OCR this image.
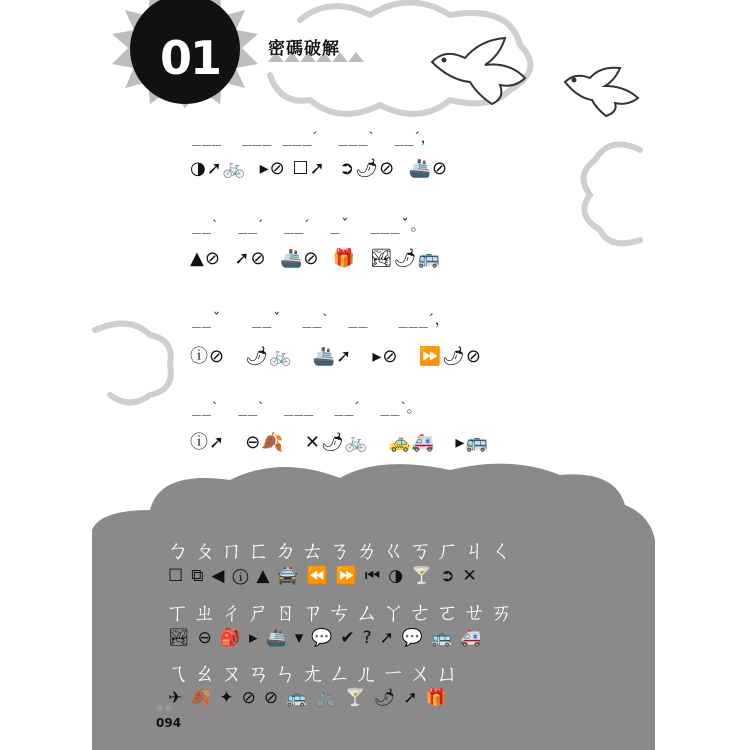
01	密碼破解
___  ___ ___ˊ  ___ˋ  __ˊ，
◑➚🚲  ▸⊘ ☐➚  ➲🌶⊘  🚢⊘
__ˋ  __ˊ  __ˊ  _ˇ  ___ˇ。
▲⊘  ➚⊘  🚢⊘  🎁  🏞🌶🚌
__ˇ   __ˇ  __ˋ  __   ___ˊ，
ⓘ⊘   🌶🚲   🚢➚   ▸⊘   ⏩🌶⊘
__ˋ  __ˋ  ___  __ˊ  __ˋ。
ⓘ➚   ⊖🍂   ✕🌶🚲   🚕🚑   ▸🚌
ㄅㄆㄇㄈㄉㄊㄋㄌㄍㄎㄏㄐㄑ
☐⧉◀ⓘ▲🚔⏪⏩⏮◑🍸➲✕
ㄒㄓㄔㄕㄖㄗㄘㄙㄚㄜㄛㄝㄞ
🏞⊖🎒▸🚢▾💬✔?➚💬🚌🚑
ㄟㄠㄡㄢㄣㄤㄥㄦㄧㄨㄩ
✈🍂✦⊘⊘🚌🚲🍸🌶➚🎁
094
